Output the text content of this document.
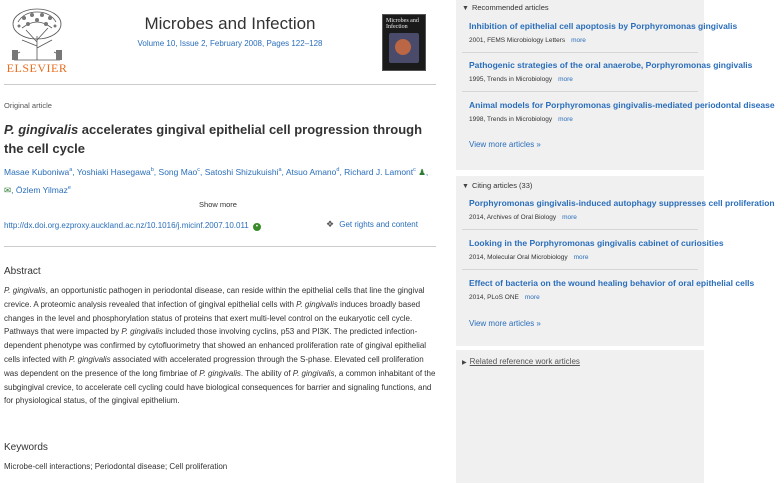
ELSEVIER
Microbes and Infection
Volume 10, Issue 2, February 2008, Pages 122–128
Microbes and Infection
Original article
P. gingivalis accelerates gingival epithelial cell progression through the cell cycle
Masae Kuboniwa$^a$, Yoshiaki Hasegawa$^b$, Song Mao$^c$, Satoshi Shizukuishi$^a$, Atsuo Amano$^d$, Richard J. Lamont$^c$ ♟, ✉, Özlem Yilmaz$^e$
Show more
http://dx.doi.org.ezproxy.auckland.ac.nz/10.1016/j.micinf.2007.10.011 •	❖ Get rights and content
Abstract
P. gingivalis, an opportunistic pathogen in periodontal disease, can reside within the epithelial cells that line the gingival crevice. A proteomic analysis revealed that infection of gingival epithelial cells with P. gingivalis induces broadly based changes in the level and phosphorylation status of proteins that exert multi-level control on the eukaryotic cell cycle. Pathways that were impacted by P. gingivalis included those involving cyclins, p53 and PI3K. The predicted infection-dependent phenotype was confirmed by cytofluorimetry that showed an enhanced proliferation rate of gingival epithelial cells infected with P. gingivalis associated with accelerated progression through the S-phase. Elevated cell proliferation was dependent on the presence of the long fimbriae of P. gingivalis. The ability of P. gingivalis, a common inhabitant of the subgingival crevice, to accelerate cell cycling could have biological consequences for barrier and signaling functions, and for physiological status, of the gingival epithelium.
Keywords
Microbe-cell interactions; Periodontal disease; Cell proliferation
▼ Recommended articles
Inhibition of epithelial cell apoptosis by Porphyromonas gingivalis
2001, FEMS Microbiology Letters more
Pathogenic strategies of the oral anaerobe, Porphyromonas gingivalis
1995, Trends in Microbiology more
Animal models for Porphyromonas gingivalis-mediated periodontal disease
1998, Trends in Microbiology more
View more articles »
▼ Citing articles (33)
Porphyromonas gingivalis-induced autophagy suppresses cell proliferation
2014, Archives of Oral Biology more
Looking in the Porphyromonas gingivalis cabinet of curiosities
2014, Molecular Oral Microbiology more
Effect of bacteria on the wound healing behavior of oral epithelial cells
2014, PLoS ONE more
View more articles »
▶ Related reference work articles
